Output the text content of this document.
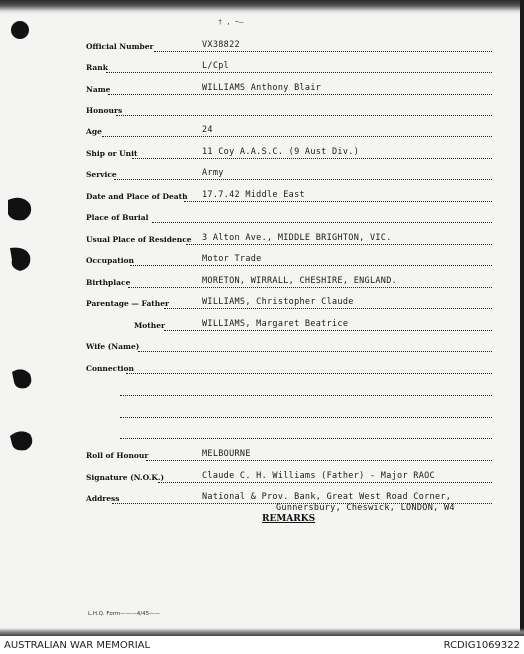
† , ~—
Official Number	VX38822
Rank	L/Cpl
Name	WILLIAMS Anthony Blair
Honours
Age	24
Ship or Unit	11 Coy A.A.S.C. (9 Aust Div.)
Service	Army
Date and Place of Death 17.7.42 Middle East
Place of Burial
Usual Place of Residence 3 Alton Ave., MIDDLE BRIGHTON, VIC.
Occupation	Motor Trade
Birthplace	MORETON, WIRRALL, CHESHIRE, ENGLAND.
Parentage — Father	WILLIAMS, Christopher Claude
Mother	WILLIAMS, Margaret Beatrice
Wife (Name)
Connection
Roll of Honour	MELBOURNE
Signature (N.O.K.)	Claude C. H. Williams (Father) - Major RAOC
Address	National & Prov. Bank, Great West Road Corner,
Gunnersbury, Cheswick, LONDON, W4
REMARKS
L.H.Q. Form———4/45——
AUSTRALIAN WAR MEMORIAL	RCDIG1069322
